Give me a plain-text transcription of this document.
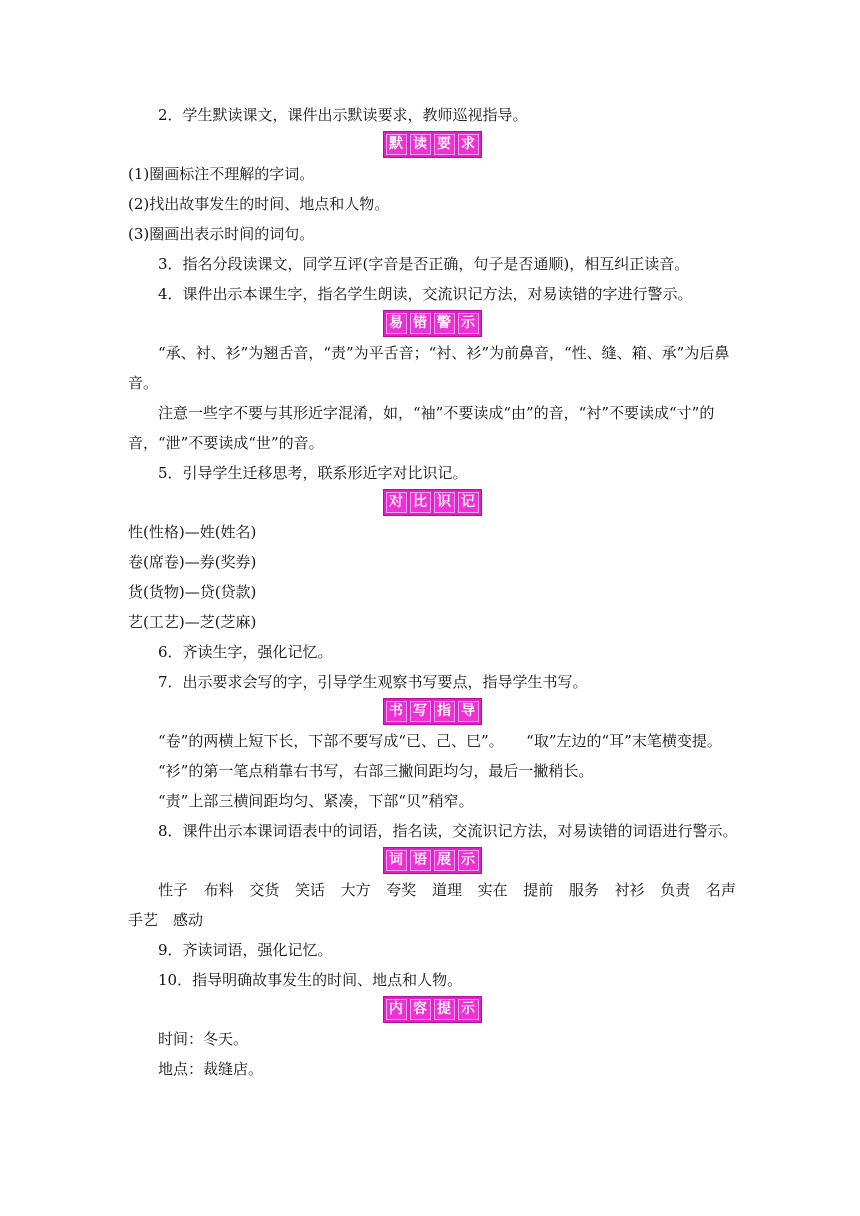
2．学生默读课文，课件出示默读要求，教师巡视指导。
默 读 要 求
(1)圈画标注不理解的字词。
(2)找出故事发生的时间、地点和人物。
(3)圈画出表示时间的词句。
3．指名分段读课文，同学互评(字音是否正确，句子是否通顺)，相互纠正读音。
4．课件出示本课生字，指名学生朗读，交流识记方法，对易读错的字进行警示。
易 错 警 示
“承、衬、衫”为翘舌音，“责”为平舌音；“衬、衫”为前鼻音，“性、缝、箱、承”为后鼻音。
注意一些字不要与其形近字混淆，如，“袖”不要读成“由”的音，“衬”不要读成“寸”的音，“泄”不要读成“世”的音。
5．引导学生迁移思考，联系形近字对比识记。
对 比 识 记
性(性格)—姓(姓名)
卷(席卷)—券(奖券)
货(货物)—贷(贷款)
艺(工艺)—芝(芝麻)
6．齐读生字，强化记忆。
7．出示要求会写的字，引导学生观察书写要点，指导学生书写。
书 写 指 导
“卷”的两横上短下长，下部不要写成“已、己、巳”。　　“取”左边的“耳”末笔横变提。
“衫”的第一笔点稍靠右书写，右部三撇间距均匀，最后一撇稍长。
“责”上部三横间距均匀、紧凑，下部“贝”稍窄。
8．课件出示本课词语表中的词语，指名读，交流识记方法，对易读错的词语进行警示。
词 语 展 示
性子 布料 交货 笑话 大方 夸奖 道理 实在 提前 服务 衬衫 负责 名声
手艺　感动
9．齐读词语，强化记忆。
10．指导明确故事发生的时间、地点和人物。
内 容 提 示
时间：冬天。
地点：裁缝店。
